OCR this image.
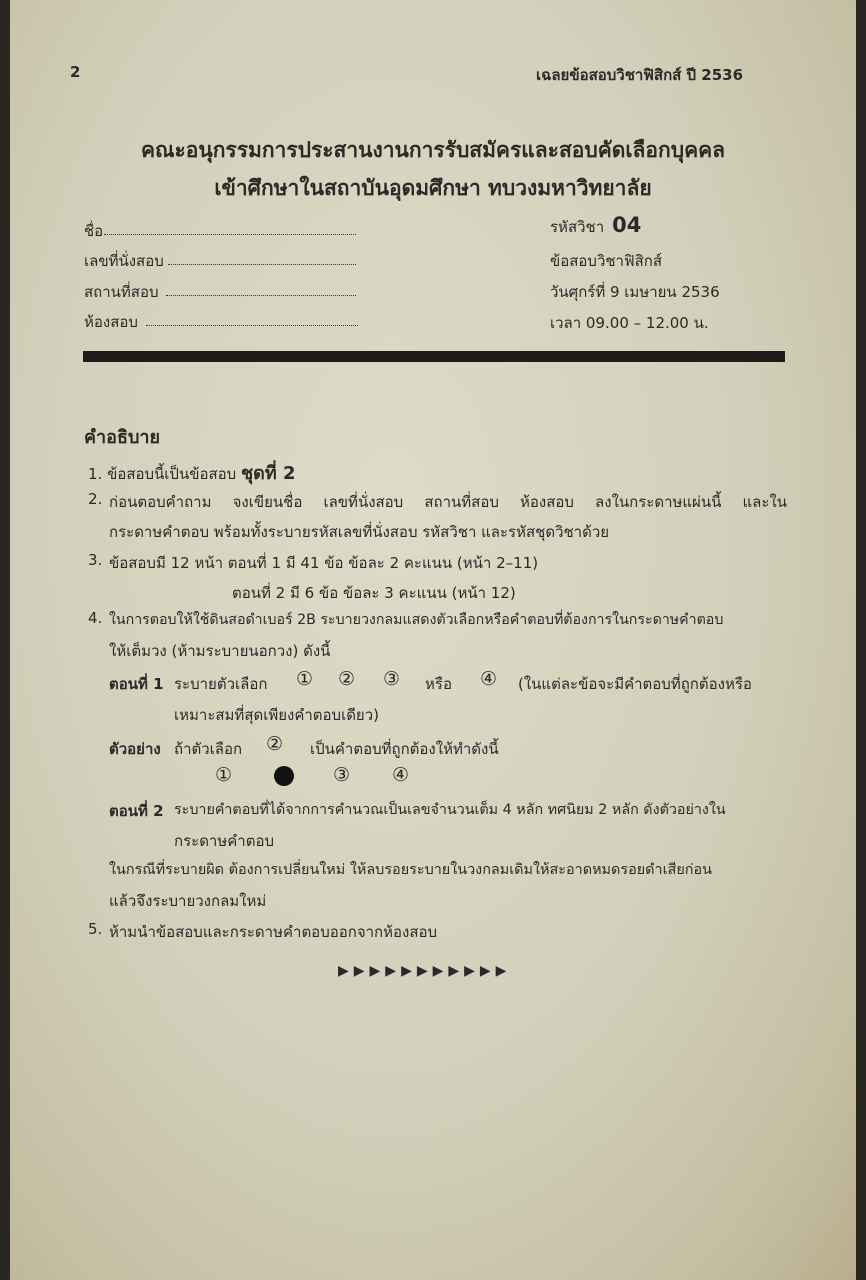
2	เฉลยข้อสอบวิชาฟิสิกส์ ปี 2536
คณะอนุกรรมการประสานงานการรับสมัครและสอบคัดเลือกบุคคล
เข้าศึกษาในสถาบันอุดมศึกษา ทบวงมหาวิทยาลัย
ชื่อ
เลขที่นั่งสอบ
สถานที่สอบ
ห้องสอบ
รหัสวิชา 04
ข้อสอบวิชาฟิสิกส์
วันศุกร์ที่ 9 เมษายน 2536
เวลา 09.00 – 12.00 น.
คำอธิบาย
1. ข้อสอบนี้เป็นข้อสอบ ชุดที่ 2
2. ก่อนตอบคำถาม จงเขียนชื่อ เลขที่นั่งสอบ สถานที่สอบ ห้องสอบ ลงในกระดาษแผ่นนี้ และใน
กระดาษคำตอบ พร้อมทั้งระบายรหัสเลขที่นั่งสอบ รหัสวิชา และรหัสชุดวิชาด้วย
3. ข้อสอบมี 12 หน้า ตอนที่ 1 มี 41 ข้อ ข้อละ 2 คะแนน (หน้า 2–11)
ตอนที่ 2 มี 6 ข้อ ข้อละ 3 คะแนน (หน้า 12)
4. ในการตอบให้ใช้ดินสอดำเบอร์ 2B ระบายวงกลมแสดงตัวเลือกหรือคำตอบที่ต้องการในกระดาษคำตอบ
ให้เต็มวง (ห้ามระบายนอกวง) ดังนี้
ตอนที่ 1 ระบายตัวเลือก ① ② ③ หรือ ④ (ในแต่ละข้อจะมีคำตอบที่ถูกต้องหรือ
เหมาะสมที่สุดเพียงคำตอบเดียว)
ตัวอย่าง ถ้าตัวเลือก ② เป็นคำตอบที่ถูกต้องให้ทำดังนี้
①	③ ④
ตอนที่ 2 ระบายคำตอบที่ได้จากการคำนวณเป็นเลขจำนวนเต็ม 4 หลัก ทศนิยม 2 หลัก ดังตัวอย่างใน
กระดาษคำตอบ
ในกรณีที่ระบายผิด ต้องการเปลี่ยนใหม่ ให้ลบรอยระบายในวงกลมเดิมให้สะอาดหมดรอยดำเสียก่อน
แล้วจึงระบายวงกลมใหม่
5. ห้ามนำข้อสอบและกระดาษคำตอบออกจากห้องสอบ
▶▶▶▶▶▶▶▶▶▶▶
